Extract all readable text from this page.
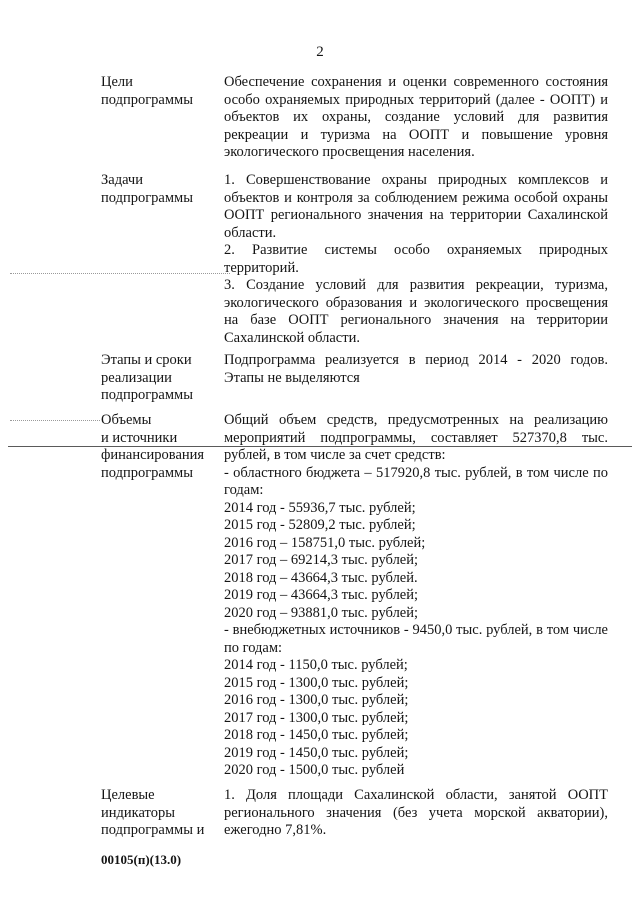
2
Цели
подпрограммы

Обеспечение сохранения и оценки современного состояния особо охраняемых природных территорий (далее - ООПТ) и объектов их охраны, создание условий для развития рекреации и туризма на ООПТ и повышение уровня экологического просвещения населения.

Задачи
подпрограммы

1. Совершенствование охраны природных комплексов и объектов и контроля за соблюдением режима особой охраны ООПТ регионального значения на территории Сахалинской области.

2. Развитие системы особо охраняемых природных территорий.

3. Создание условий для развития рекреации, туризма, экологического образования и экологического просвещения на базе ООПТ регионального значения на территории Сахалинской области.

Этапы и сроки
реализации
подпрограммы

Подпрограмма реализуется в период 2014 - 2020 годов. Этапы не выделяются

Объемы
и источники
финансирования
подпрограммы

Общий объем средств, предусмотренных на реализацию мероприятий подпрограммы, составляет 527370,8 тыс. рублей, в том числе за счет средств:

- областного бюджета – 517920,8 тыс. рублей, в том числе по годам:

2014 год - 55936,7 тыс. рублей;
2015 год - 52809,2 тыс. рублей;
2016 год – 158751,0 тыс. рублей;
2017 год – 69214,3 тыс. рублей;
2018 год – 43664,3 тыс. рублей.
2019 год – 43664,3 тыс. рублей;
2020 год – 93881,0 тыс. рублей;

- внебюджетных источников - 9450,0 тыс. рублей, в том числе по годам:

2014 год - 1150,0 тыс. рублей;
2015 год - 1300,0 тыс. рублей;
2016 год - 1300,0 тыс. рублей;
2017 год - 1300,0 тыс. рублей;
2018 год - 1450,0 тыс. рублей;
2019 год - 1450,0 тыс. рублей;
2020 год - 1500,0 тыс. рублей
Целевые
индикаторы
подпрограммы и

1. Доля площади Сахалинской области, занятой ООПТ регионального значения (без учета морской акватории), ежегодно 7,81%.

00105(п)(13.0)
